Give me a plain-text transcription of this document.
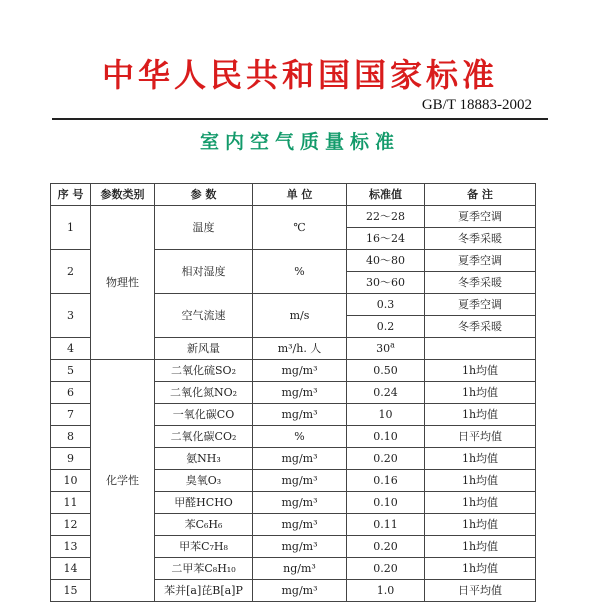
中华人民共和国国家标准
GB/T 18883-2002
室内空气质量标准
序 号	参数类别	参 数	单 位	标准值	备 注
1	物理性	温度	℃	22～28	夏季空调
				16～24	冬季采暖
2		相对湿度	%	40～80	夏季空调
				30～60	冬季采暖
3		空气流速	m/s	0.3	夏季空调
				0.2	冬季采暖
4		新风量	m³/h. 人	30$^a$	
5	化学性	二氧化硫SO₂	mg/m³	0.50	1h均值
6		二氧化氮NO₂	mg/m³	0.24	1h均值
7		一氧化碳CO	mg/m³	10	1h均值
8		二氧化碳CO₂	%	0.10	日平均值
9		氨NH₃	mg/m³	0.20	1h均值
10		臭氧O₃	mg/m³	0.16	1h均值
11		甲醛HCHO	mg/m³	0.10	1h均值
12		苯C₆H₆	mg/m³	0.11	1h均值
13		甲苯C₇H₈	mg/m³	0.20	1h均值
14		二甲苯C₈H₁₀	ng/m³	0.20	1h均值
15		苯并[a]芘B[a]P	mg/m³	1.0	日平均值
